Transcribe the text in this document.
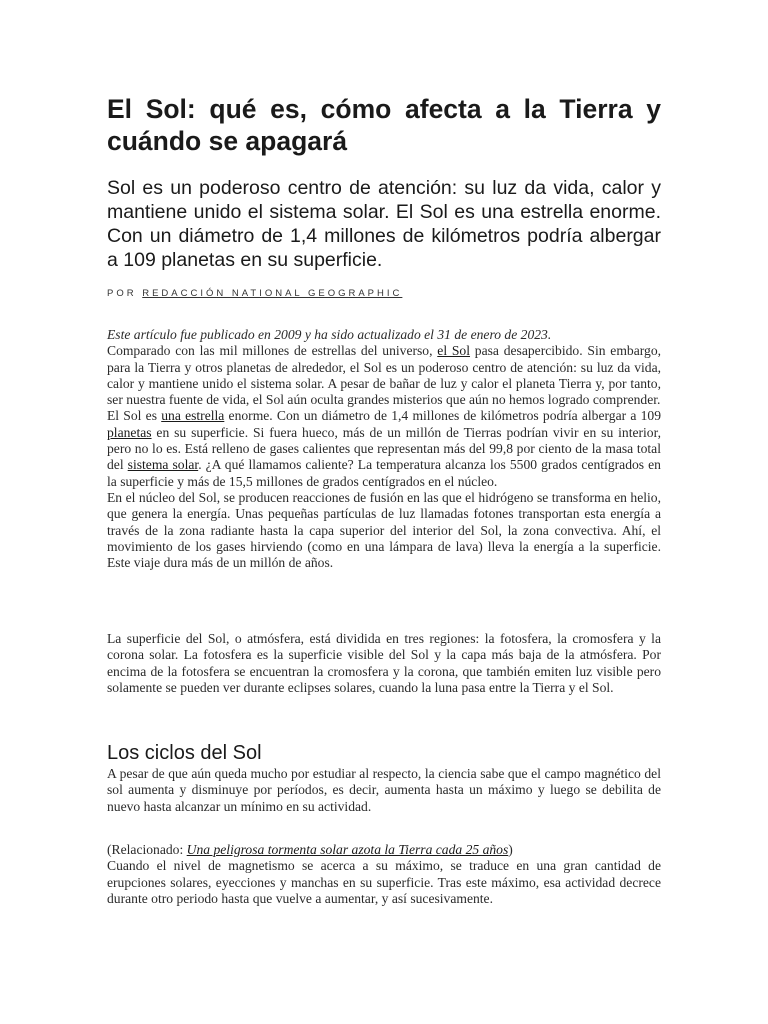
El Sol: qué es, cómo afecta a la Tierra y cuándo se apagará

Sol es un poderoso centro de atención: su luz da vida, calor y mantiene unido el sistema solar. El Sol es una estrella enorme. Con un diámetro de 1,4 millones de kilómetros podría albergar a 109 planetas en su superficie.

POR REDACCIÓN NATIONAL GEOGRAPHIC

Este artículo fue publicado en 2009 y ha sido actualizado el 31 de enero de 2023.

Comparado con las mil millones de estrellas del universo, el Sol pasa desapercibido. Sin embargo, para la Tierra y otros planetas de alrededor, el Sol es un poderoso centro de atención: su luz da vida, calor y mantiene unido el sistema solar. A pesar de bañar de luz y calor el planeta Tierra y, por tanto, ser nuestra fuente de vida, el Sol aún oculta grandes misterios que aún no hemos logrado comprender.

El Sol es una estrella enorme. Con un diámetro de 1,4 millones de kilómetros podría albergar a 109 planetas en su superficie. Si fuera hueco, más de un millón de Tierras podrían vivir en su interior, pero no lo es. Está relleno de gases calientes que representan más del 99,8 por ciento de la masa total del sistema solar. ¿A qué llamamos caliente? La temperatura alcanza los 5500 grados centígrados en la superficie y más de 15,5 millones de grados centígrados en el núcleo.

En el núcleo del Sol, se producen reacciones de fusión en las que el hidrógeno se transforma en helio, que genera la energía. Unas pequeñas partículas de luz llamadas fotones transportan esta energía a través de la zona radiante hasta la capa superior del interior del Sol, la zona convectiva. Ahí, el movimiento de los gases hirviendo (como en una lámpara de lava) lleva la energía a la superficie. Este viaje dura más de un millón de años.

La superficie del Sol, o atmósfera, está dividida en tres regiones: la fotosfera, la cromosfera y la corona solar. La fotosfera es la superficie visible del Sol y la capa más baja de la atmósfera. Por encima de la fotosfera se encuentran la cromosfera y la corona, que también emiten luz visible pero solamente se pueden ver durante eclipses solares, cuando la luna pasa entre la Tierra y el Sol.

Los ciclos del Sol

A pesar de que aún queda mucho por estudiar al respecto, la ciencia sabe que el campo magnético del sol aumenta y disminuye por períodos, es decir, aumenta hasta un máximo y luego se debilita de nuevo hasta alcanzar un mínimo en su actividad.

(Relacionado: Una peligrosa tormenta solar azota la Tierra cada 25 años)

Cuando el nivel de magnetismo se acerca a su máximo, se traduce en una gran cantidad de erupciones solares, eyecciones y manchas en su superficie. Tras este máximo, esa actividad decrece durante otro periodo hasta que vuelve a aumentar, y así sucesivamente.
